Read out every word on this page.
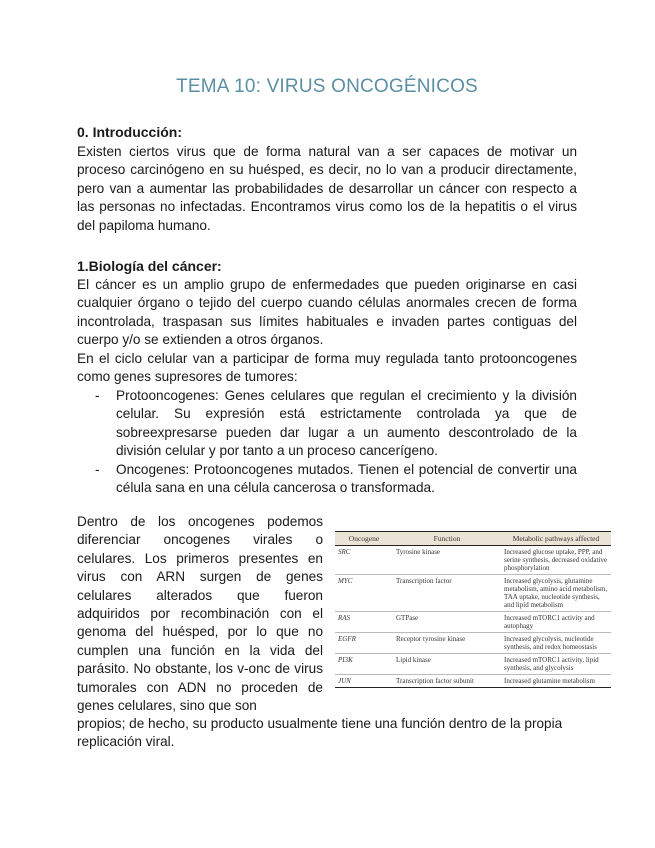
TEMA 10: VIRUS ONCOGÉNICOS
0. Introducción:

Existen ciertos virus que de forma natural van a ser capaces de motivar un proceso carcinógeno en su huésped, es decir, no lo van a producir directamente, pero van a aumentar las probabilidades de desarrollar un cáncer con respecto a las personas no infectadas. Encontramos virus como los de la hepatitis o el virus del papiloma humano.

1.Biología del cáncer:

El cáncer es un amplio grupo de enfermedades que pueden originarse en casi cualquier órgano o tejido del cuerpo cuando células anormales crecen de forma incontrolada, traspasan sus límites habituales e invaden partes contiguas del cuerpo y/o se extienden a otros órganos.

En el ciclo celular van a participar de forma muy regulada tanto protooncogenes como genes supresores de tumores:

- Protooncogenes: Genes celulares que regulan el crecimiento y la división celular. Su expresión está estrictamente controlada ya que de sobreexpresarse pueden dar lugar a un aumento descontrolado de la división celular y por tanto a un proceso cancerígeno.
- Oncogenes: Protooncogenes mutados. Tienen el potencial de convertir una célula sana en una célula cancerosa o transformada.

Dentro de los oncogenes podemos diferenciar oncogenes virales o celulares. Los primeros presentes en virus con ARN surgen de genes celulares alterados que fueron adquiridos por recombinación con el genoma del huésped, por lo que no cumplen una función en la vida del parásito. No obstante, los v-onc de virus tumorales con ADN no proceden de genes celulares, sino que son

propios; de hecho, su producto usualmente tiene una función dentro de la propia replicación viral.

Oncogene	Function	Metabolic pathways affected
SRC	Tyrosine kinase	Increased glucose uptake, PPP, and serine synthesis, decreased oxidative phosphorylation
MYC	Transcription factor	Increased glycolysis, glutamine metabolism, amino acid metabolism, TAA uptake, nucleotide synthesis, and lipid metabolism
RAS	GTPase	Increased mTORC1 activity and autophagy
EGFR	Receptor tyrosine kinase	Increased glycolysis, nucleotide synthesis, and redox homeostasis
PI3K	Lipid kinase	Increased mTORC1 activity, lipid synthesis, and glycolysis
JUN	Transcription factor subunit	Increased glutamine metabolism
